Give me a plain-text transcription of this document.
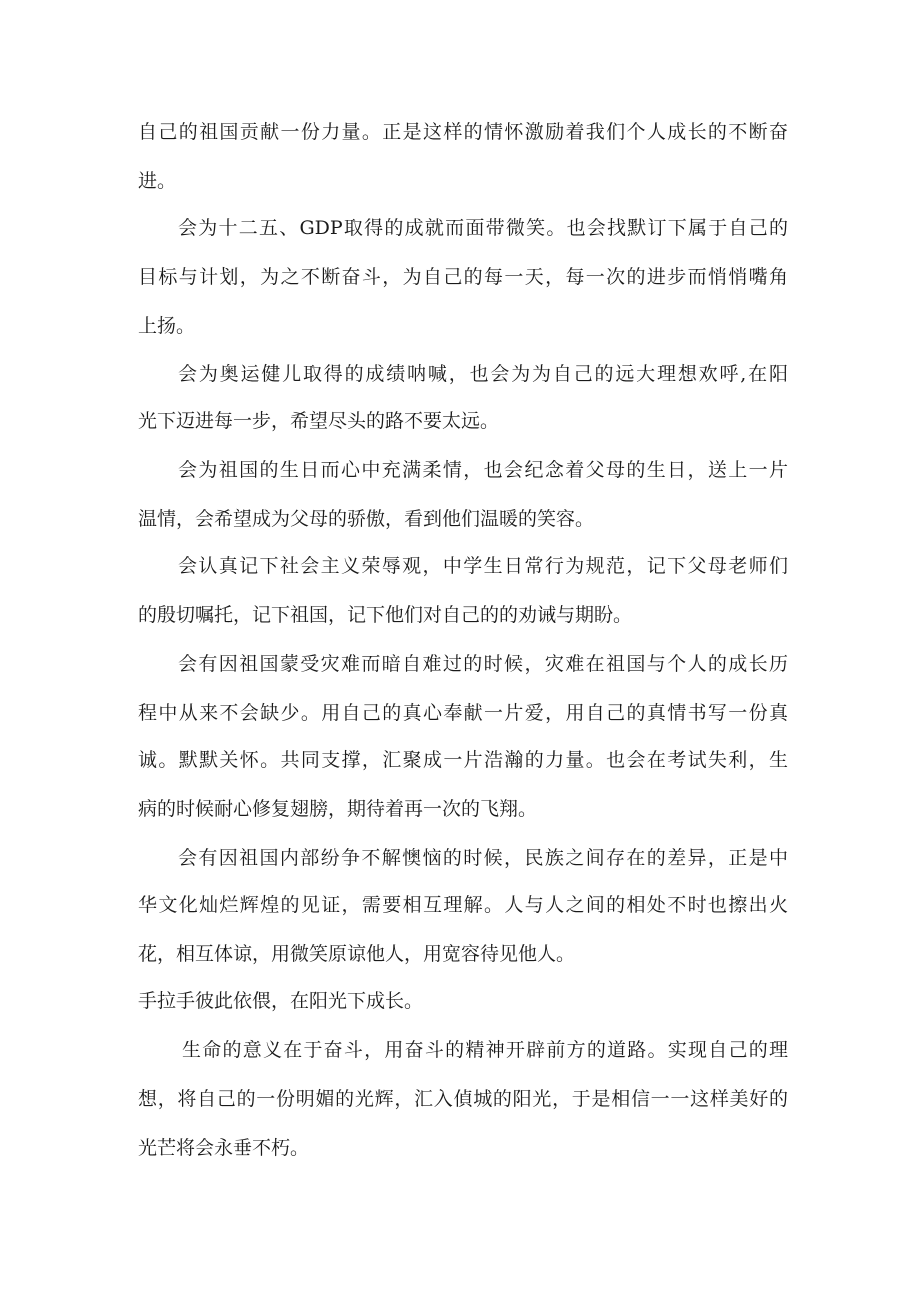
自己的祖国贡献一份力量。正是这样的情怀激励着我们个人成长的不断奋
进。
会为十二五、GDP取得的成就而面带微笑。也会找默订下属于自己的
目标与计划，为之不断奋斗，为自己的每一天，每一次的进步而悄悄嘴角
上扬。
会为奥运健儿取得的成绩呐喊，也会为为自己的远大理想欢呼,在阳
光下迈进每一步，希望尽头的路不要太远。
会为祖国的生日而心中充满柔情，也会纪念着父母的生日，送上一片
温情，会希望成为父母的骄傲，看到他们温暖的笑容。
会认真记下社会主义荣辱观，中学生日常行为规范，记下父母老师们
的殷切嘱托，记下祖国，记下他们对自己的的劝诫与期盼。
会有因祖国蒙受灾难而暗自难过的时候，灾难在祖国与个人的成长历
程中从来不会缺少。用自己的真心奉献一片爱，用自己的真情书写一份真
诚。默默关怀。共同支撑，汇聚成一片浩瀚的力量。也会在考试失利，生
病的时候耐心修复翅膀，期待着再一次的飞翔。
会有因祖国内部纷争不解懊恼的时候，民族之间存在的差异，正是中
华文化灿烂辉煌的见证，需要相互理解。人与人之间的相处不时也擦出火
花，相互体谅，用微笑原谅他人，用宽容待见他人。
手拉手彼此依偎，在阳光下成长。
生命的意义在于奋斗，用奋斗的精神开辟前方的道路。实现自己的理
想，将自己的一份明媚的光辉，汇入偵城的阳光，于是相信一一这样美好的
光芒将会永垂不朽。
